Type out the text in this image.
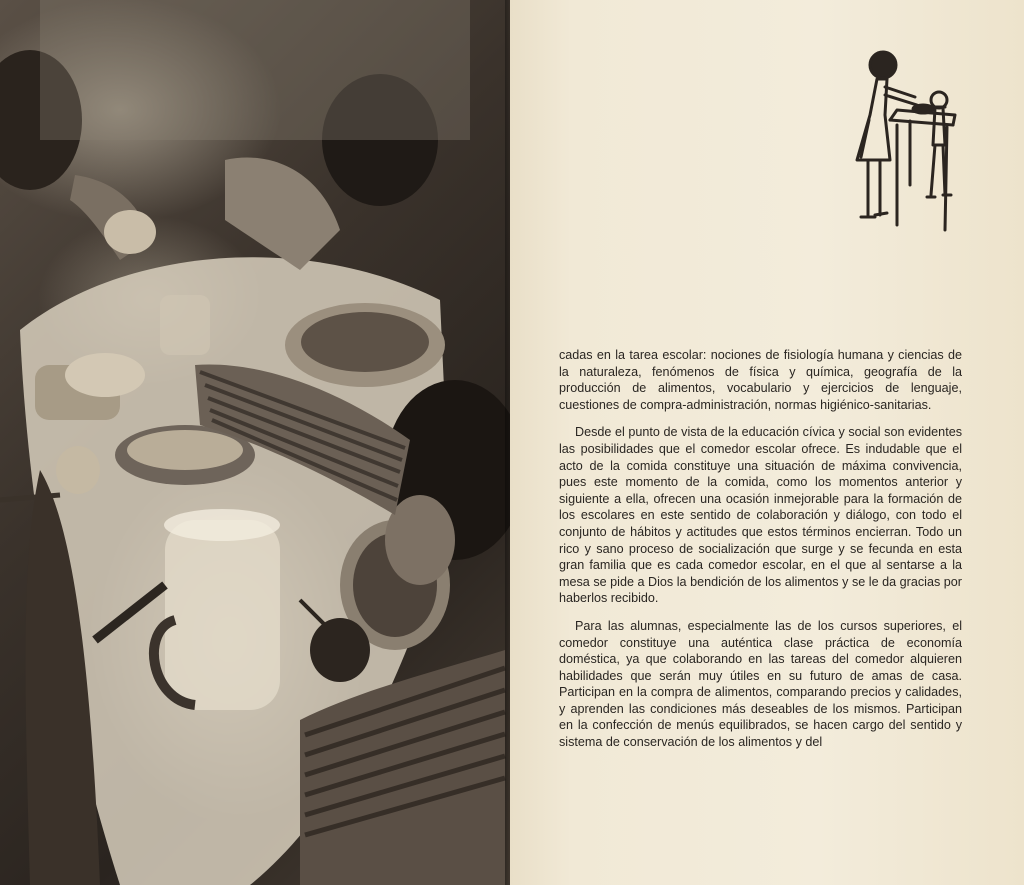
cadas en la tarea escolar: nociones de fisiología humana y ciencias de la naturaleza, fenómenos de física y química, geografía de la producción de alimentos, vocabulario y ejercicios de lenguaje, cuestiones de compra-administración, normas higiénico-sanitarias.

Desde el punto de vista de la educación cívica y social son evidentes las posibilidades que el comedor escolar ofrece. Es indudable que el acto de la comida constituye una situación de máxima convivencia, pues este momento de la comida, como los momentos anterior y siguiente a ella, ofrecen una ocasión inmejorable para la formación de los escolares en este sentido de colaboración y diálogo, con todo el conjunto de hábitos y actitudes que estos términos encierran. Todo un rico y sano proceso de socialización que surge y se fecunda en esta gran familia que es cada comedor escolar, en el que al sentarse a la mesa se pide a Dios la bendición de los alimentos y se le da gracias por haberlos recibido.

Para las alumnas, especialmente las de los cursos superiores, el comedor constituye una auténtica clase práctica de economía doméstica, ya que colaborando en las tareas del comedor alquieren habilidades que serán muy útiles en su futuro de amas de casa. Participan en la compra de alimentos, comparando precios y calidades, y aprenden las condiciones más deseables de los mismos. Participan en la confección de menús equilibrados, se hacen cargo del sentido y sistema de conservación de los alimentos y del
